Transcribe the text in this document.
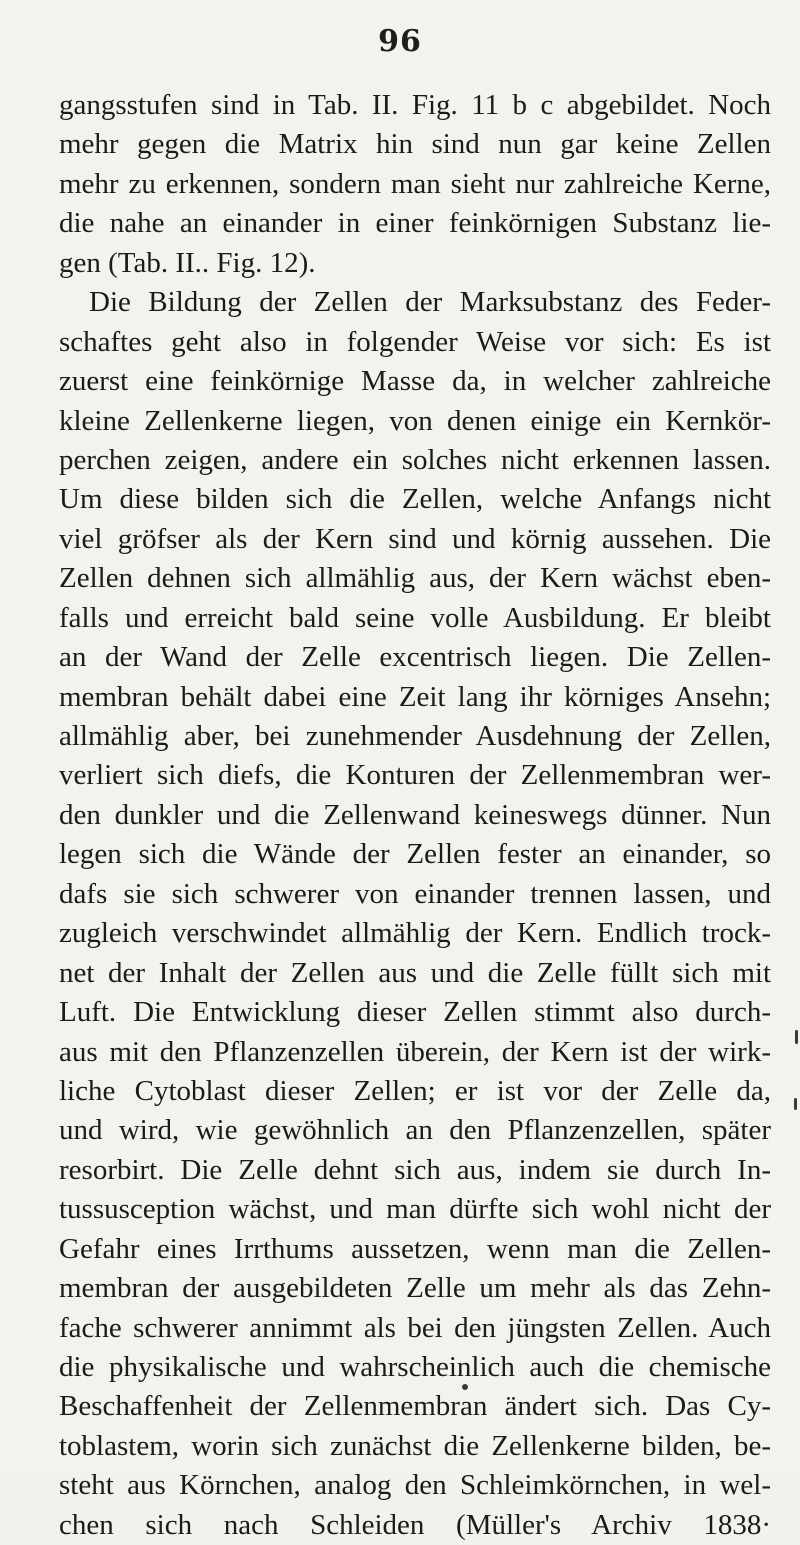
96
gangsstufen sind in Tab. II. Fig. 11 b c abgebildet. Noch
mehr gegen die Matrix hin sind nun gar keine Zellen
mehr zu erkennen, sondern man sieht nur zahlreiche Kerne,
die nahe an einander in einer feinkörnigen Substanz lie-
gen (Tab. II.. Fig. 12).
Die Bildung der Zellen der Marksubstanz des Feder-
schaftes geht also in folgender Weise vor sich: Es ist
zuerst eine feinkörnige Masse da, in welcher zahlreiche
kleine Zellenkerne liegen, von denen einige ein Kernkör-
perchen zeigen, andere ein solches nicht erkennen lassen.
Um diese bilden sich die Zellen, welche Anfangs nicht
viel gröfser als der Kern sind und körnig aussehen. Die
Zellen dehnen sich allmählig aus, der Kern wächst eben-
falls und erreicht bald seine volle Ausbildung. Er bleibt
an der Wand der Zelle excentrisch liegen. Die Zellen-
membran behält dabei eine Zeit lang ihr körniges Ansehn;
allmählig aber, bei zunehmender Ausdehnung der Zellen,
verliert sich diefs, die Konturen der Zellenmembran wer-
den dunkler und die Zellenwand keineswegs dünner. Nun
legen sich die Wände der Zellen fester an einander, so
dafs sie sich schwerer von einander trennen lassen, und
zugleich verschwindet allmählig der Kern. Endlich trock-
net der Inhalt der Zellen aus und die Zelle füllt sich mit
Luft. Die Entwicklung dieser Zellen stimmt also durch-
aus mit den Pflanzenzellen überein, der Kern ist der wirk-
liche Cytoblast dieser Zellen; er ist vor der Zelle da,
und wird, wie gewöhnlich an den Pflanzenzellen, später
resorbirt. Die Zelle dehnt sich aus, indem sie durch In-
tussusception wächst, und man dürfte sich wohl nicht der
Gefahr eines Irrthums aussetzen, wenn man die Zellen-
membran der ausgebildeten Zelle um mehr als das Zehn-
fache schwerer annimmt als bei den jüngsten Zellen. Auch
die physikalische und wahrscheinlich auch die chemische
Beschaffenheit der Zellenmembran ändert sich. Das Cy-
toblastem, worin sich zunächst die Zellenkerne bilden, be-
steht aus Körnchen, analog den Schleimkörnchen, in wel-
chen sich nach Schleiden (Müller's Archiv 1838·
